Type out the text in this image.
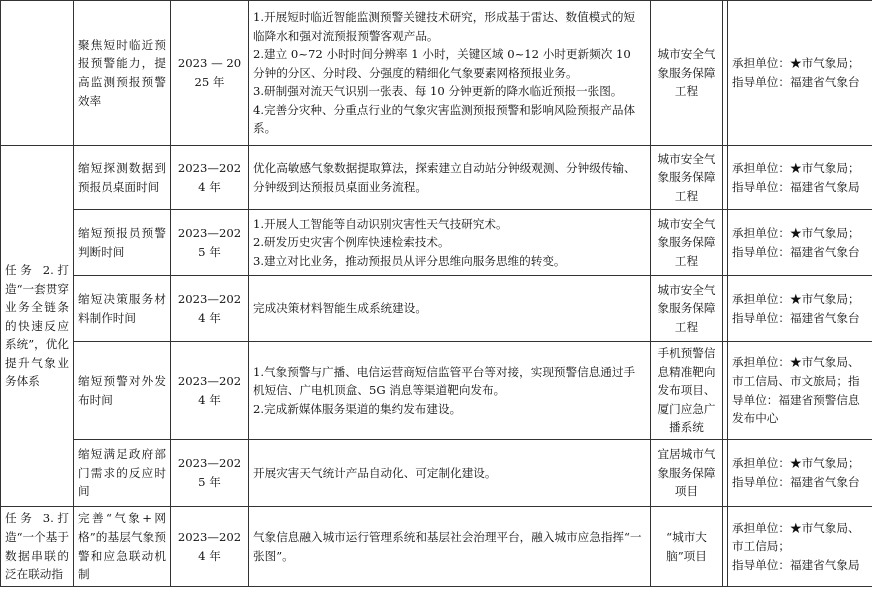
	聚焦短时临近预报预警能力，提高监测预报预警效率	2023 — 2025 年	1.开展短时临近智能监测预警关键技术研究，形成基于雷达、数值模式的短临降水和强对流预报预警客观产品。
2.建立 0~72 小时时间分辨率 1 小时，关键区域 0~12 小时更新频次 10 分钟的分区、分时段、分强度的精细化气象要素网格预报业务。
3.研制强对流天气识别一张表、每 10 分钟更新的降水临近预报一张图。
4.完善分灾种、分重点行业的气象灾害监测预报预警和影响风险预报产品体系。	城市安全气象服务保障工程		承担单位：★市气象局；
指导单位：福建省气象台

任务 2.打造“一套贯穿业务全链条的快速反应系统”，优化提升气象业务体系	缩短探测数据到预报员桌面时间	2023—2024 年	优化高敏感气象数据提取算法，探索建立自动站分钟级观测、分钟级传输、分钟级到达预报员桌面业务流程。	城市安全气象服务保障工程		承担单位：★市气象局；
指导单位：福建省气象局

	缩短预报员预警判断时间	2023—2025 年	1.开展人工智能等自动识别灾害性天气技研究术。
2.研发历史灾害个例库快速检索技术。
3.建立对比业务，推动预报员从评分思维向服务思维的转变。	城市安全气象服务保障工程		承担单位：★市气象局；
指导单位：福建省气象台

	缩短决策服务材料制作时间	2023—2024 年	完成决策材料智能生成系统建设。	城市安全气象服务保障工程		承担单位：★市气象局；
指导单位：福建省气象台

	缩短预警对外发布时间	2023—2024 年	1.气象预警与广播、电信运营商短信监管平台等对接，实现预警信息通过手机短信、广电机顶盒、5G 消息等渠道靶向发布。
2.完成新媒体服务渠道的集约发布建设。	手机预警信息精准靶向发布项目、厦门应急广播系统		承担单位：★市气象局、市工信局、市文旅局；指导单位：福建省预警信息发布中心

	缩短满足政府部门需求的反应时间	2023—2025 年	开展灾害天气统计产品自动化、可定制化建设。	宜居城市气象服务保障项目		承担单位：★市气象局；
指导单位：福建省气象台

任务 3.打造“一个基于数据串联的泛在联动指	完善“气象+网格”的基层气象预警和应急联动机制	2023—2024 年	气象信息融入城市运行管理系统和基层社会治理平台，融入城市应急指挥“一张图”。	“城市大脑”项目		承担单位：★市气象局、市工信局；
指导单位：福建省气象局
